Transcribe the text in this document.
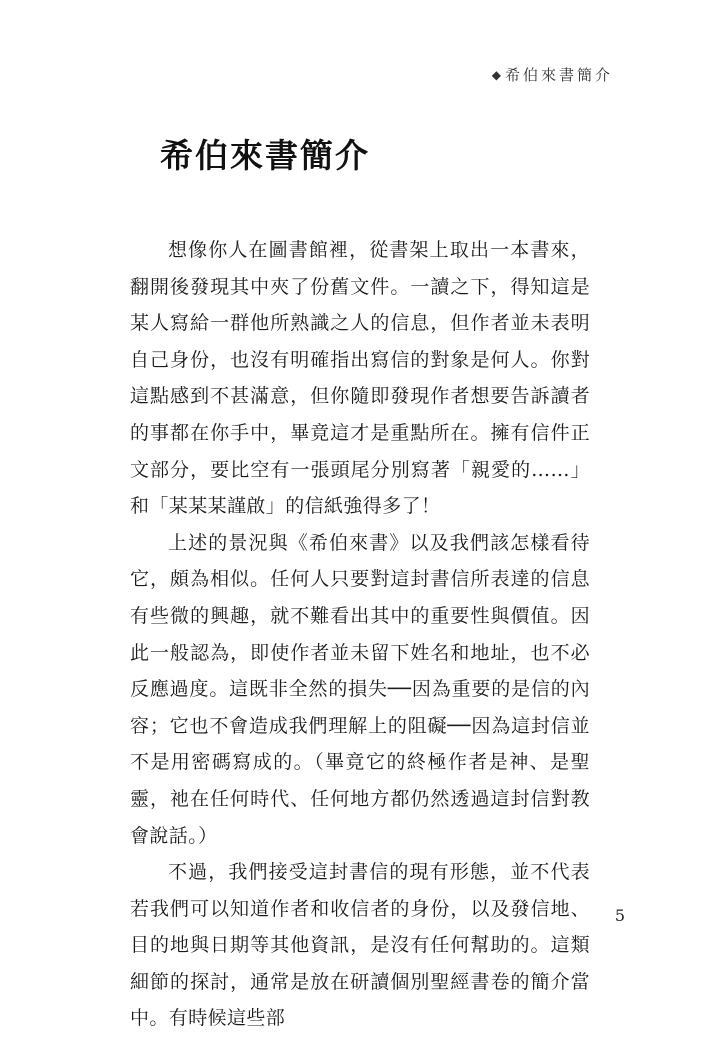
◆希伯來書簡介
希伯來書簡介

想像你人在圖書館裡，從書架上取出一本書來，翻開後發現其中夾了份舊文件。一讀之下，得知這是某人寫給一群他所熟識之人的信息，但作者並未表明自己身份，也沒有明確指出寫信的對象是何人。你對這點感到不甚滿意，但你隨即發現作者想要告訴讀者的事都在你手中，畢竟這才是重點所在。擁有信件正文部分，要比空有一張頭尾分別寫著「親愛的……」和「某某某謹啟」的信紙強得多了！

上述的景況與《希伯來書》以及我們該怎樣看待它，頗為相似。任何人只要對這封書信所表達的信息有些微的興趣，就不難看出其中的重要性與價值。因此一般認為，即使作者並未留下姓名和地址，也不必反應過度。這既非全然的損失──因為重要的是信的內容；它也不會造成我們理解上的阻礙──因為這封信並不是用密碼寫成的。（畢竟它的終極作者是神、是聖靈，祂在任何時代、任何地方都仍然透過這封信對教會說話。）

不過，我們接受這封書信的現有形態，並不代表若我們可以知道作者和收信者的身份，以及發信地、目的地與日期等其他資訊，是沒有任何幫助的。這類細節的探討，通常是放在研讀個別聖經書卷的簡介當中。有時候這些部

5
